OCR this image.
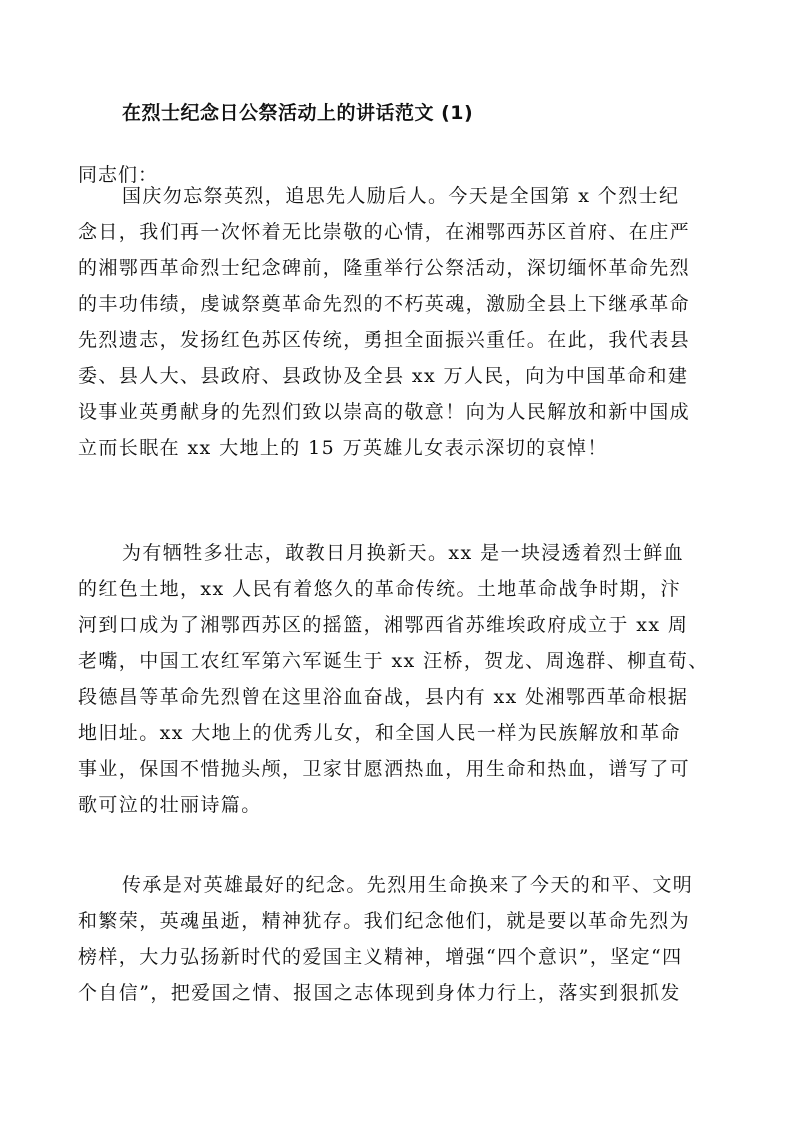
在烈士纪念日公祭活动上的讲话范文 (1)
同志们：
国庆勿忘祭英烈，追思先人励后人。今天是全国第 x 个烈士纪
念日，我们再一次怀着无比崇敬的心情，在湘鄂西苏区首府、在庄严
的湘鄂西革命烈士纪念碑前，隆重举行公祭活动，深切缅怀革命先烈
的丰功伟绩，虔诚祭奠革命先烈的不朽英魂，激励全县上下继承革命
先烈遗志，发扬红色苏区传统，勇担全面振兴重任。在此，我代表县
委、县人大、县政府、县政协及全县 xx 万人民，向为中国革命和建
设事业英勇献身的先烈们致以崇高的敬意！向为人民解放和新中国成
立而长眠在 xx 大地上的 15 万英雄儿女表示深切的哀悼！
为有牺牲多壮志，敢教日月换新天。xx 是一块浸透着烈士鲜血
的红色土地，xx 人民有着悠久的革命传统。土地革命战争时期，汴
河到口成为了湘鄂西苏区的摇篮，湘鄂西省苏维埃政府成立于 xx 周
老嘴，中国工农红军第六军诞生于 xx 汪桥，贺龙、周逸群、柳直荀、
段德昌等革命先烈曾在这里浴血奋战，县内有 xx 处湘鄂西革命根据
地旧址。xx 大地上的优秀儿女，和全国人民一样为民族解放和革命
事业，保国不惜抛头颅，卫家甘愿洒热血，用生命和热血，谱写了可
歌可泣的壮丽诗篇。
传承是对英雄最好的纪念。先烈用生命换来了今天的和平、文明
和繁荣，英魂虽逝，精神犹存。我们纪念他们，就是要以革命先烈为
榜样，大力弘扬新时代的爱国主义精神，增强“四个意识”，坚定“四
个自信”，把爱国之情、报国之志体现到身体力行上，落实到狠抓发
